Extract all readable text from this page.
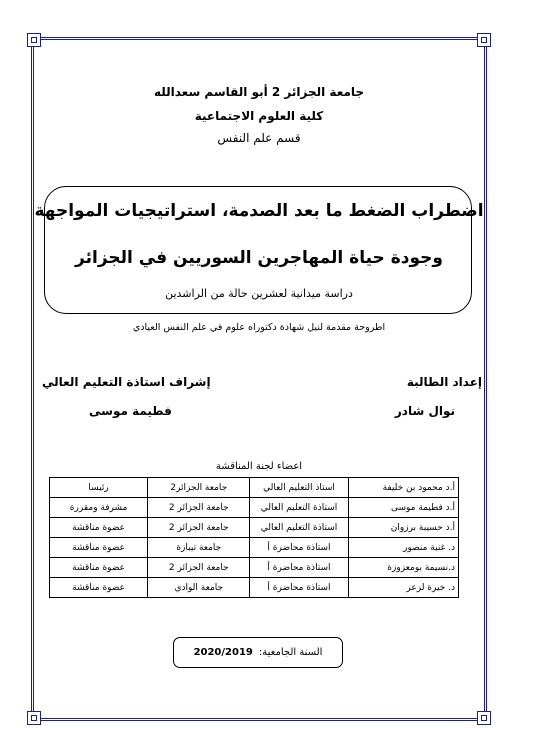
جامعة الجزائر 2 أبو القاسم سعدالله
كلية العلوم الاجتماعية
قسم علم النفس
اضطراب الضغط ما بعد الصدمة، استراتيجيات المواجهة
وجودة حياة المهاجرين السوريين في الجزائر
دراسة ميدانية لعشرين حالة من الراشدين
اطروحة مقدمة لنيل شهادة دكتوراه علوم في علم النفس العيادي
إعداد الطالبة
نوال شادر
إشراف استاذة التعليم العالي
فطيمة موسى
اعضاء لجنة المناقشة
أ.د محمود بن خليفة	استاذ التعليم العالي	جامعة الجزائر2	رئيسا
أ.د فطيمة موسى	استاذة التعليم العالي	جامعة الجزائر 2	مشرفة ومقررة
أ.د حسيبة برزوان	استاذة التعليم العالي	جامعة الجزائر 2	عضوة مناقشة
د. غنية منصور	استاذة محاضرة أ	جامعة تيبازة	عضوة مناقشة
د.نسيمة بومعزوزة	استاذة محاضرة أ	جامعة الجزائر 2	عضوة مناقشة
د. خيرة لزعر	استاذة محاضرة أ	جامعة الوادي	عضوة مناقشة
السنة الجامعية:
2020/2019
